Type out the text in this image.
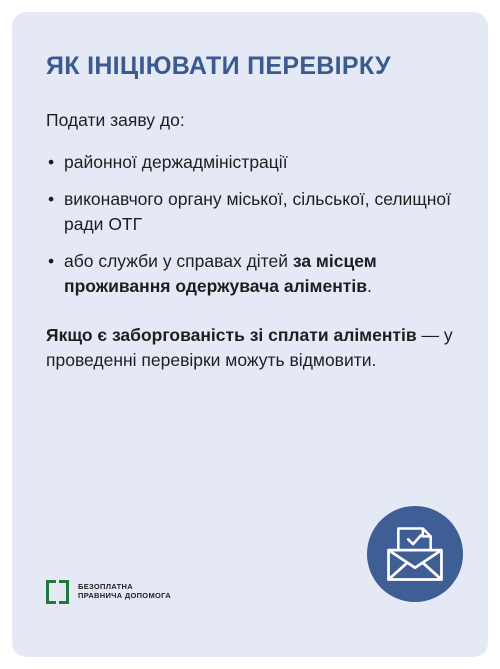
ЯК ІНІЦІЮВАТИ ПЕРЕВІРКУ

Подати заяву до:

• районної держадміністрації
• виконавчого органу міської, сільської, селищної ради ОТГ
• або служби у справах дітей за місцем проживання одержувача аліментів.

Якщо є заборгованість зі сплати аліментів — у проведенні перевірки можуть відмовити.

БЕЗОПЛАТНА
ПРАВНИЧА ДОПОМОГА
